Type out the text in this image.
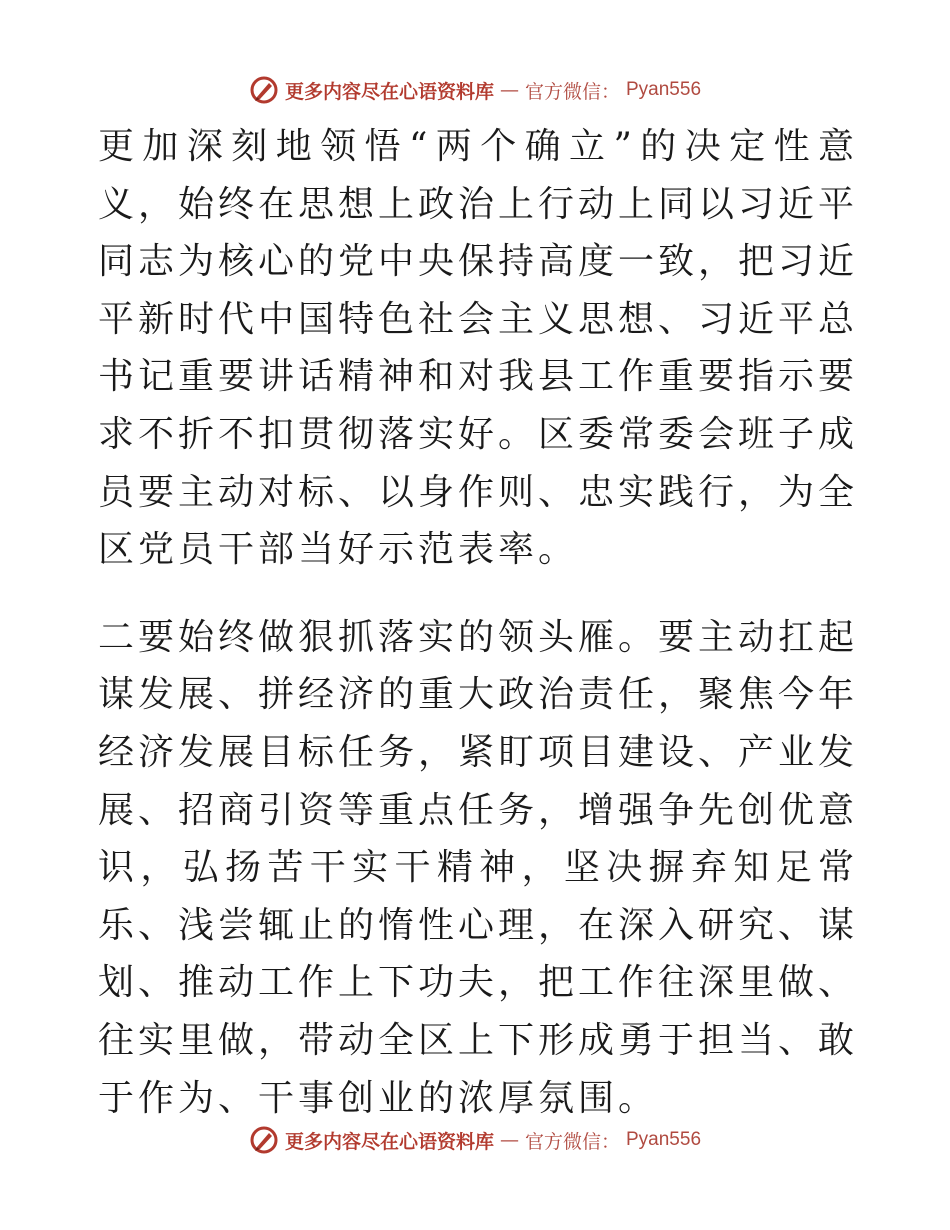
更多内容尽在心语资料库 — 官方微信： Pyan556

更加深刻地领悟“两个确立”的决定性意义，始终在思想上政治上行动上同以习近平同志为核心的党中央保持高度一致，把习近平新时代中国特色社会主义思想、习近平总书记重要讲话精神和对我县工作重要指示要求不折不扣贯彻落实好。区委常委会班子成员要主动对标、以身作则、忠实践行，为全区党员干部当好示范表率。

二要始终做狠抓落实的领头雁。要主动扛起谋发展、拼经济的重大政治责任，聚焦今年经济发展目标任务，紧盯项目建设、产业发展、招商引资等重点任务，增强争先创优意识，弘扬苦干实干精神，坚决摒弃知足常乐、浅尝辄止的惰性心理，在深入研究、谋划、推动工作上下功夫，把工作往深里做、往实里做，带动全区上下形成勇于担当、敢于作为、干事创业的浓厚氛围。

更多内容尽在心语资料库 — 官方微信： Pyan556
